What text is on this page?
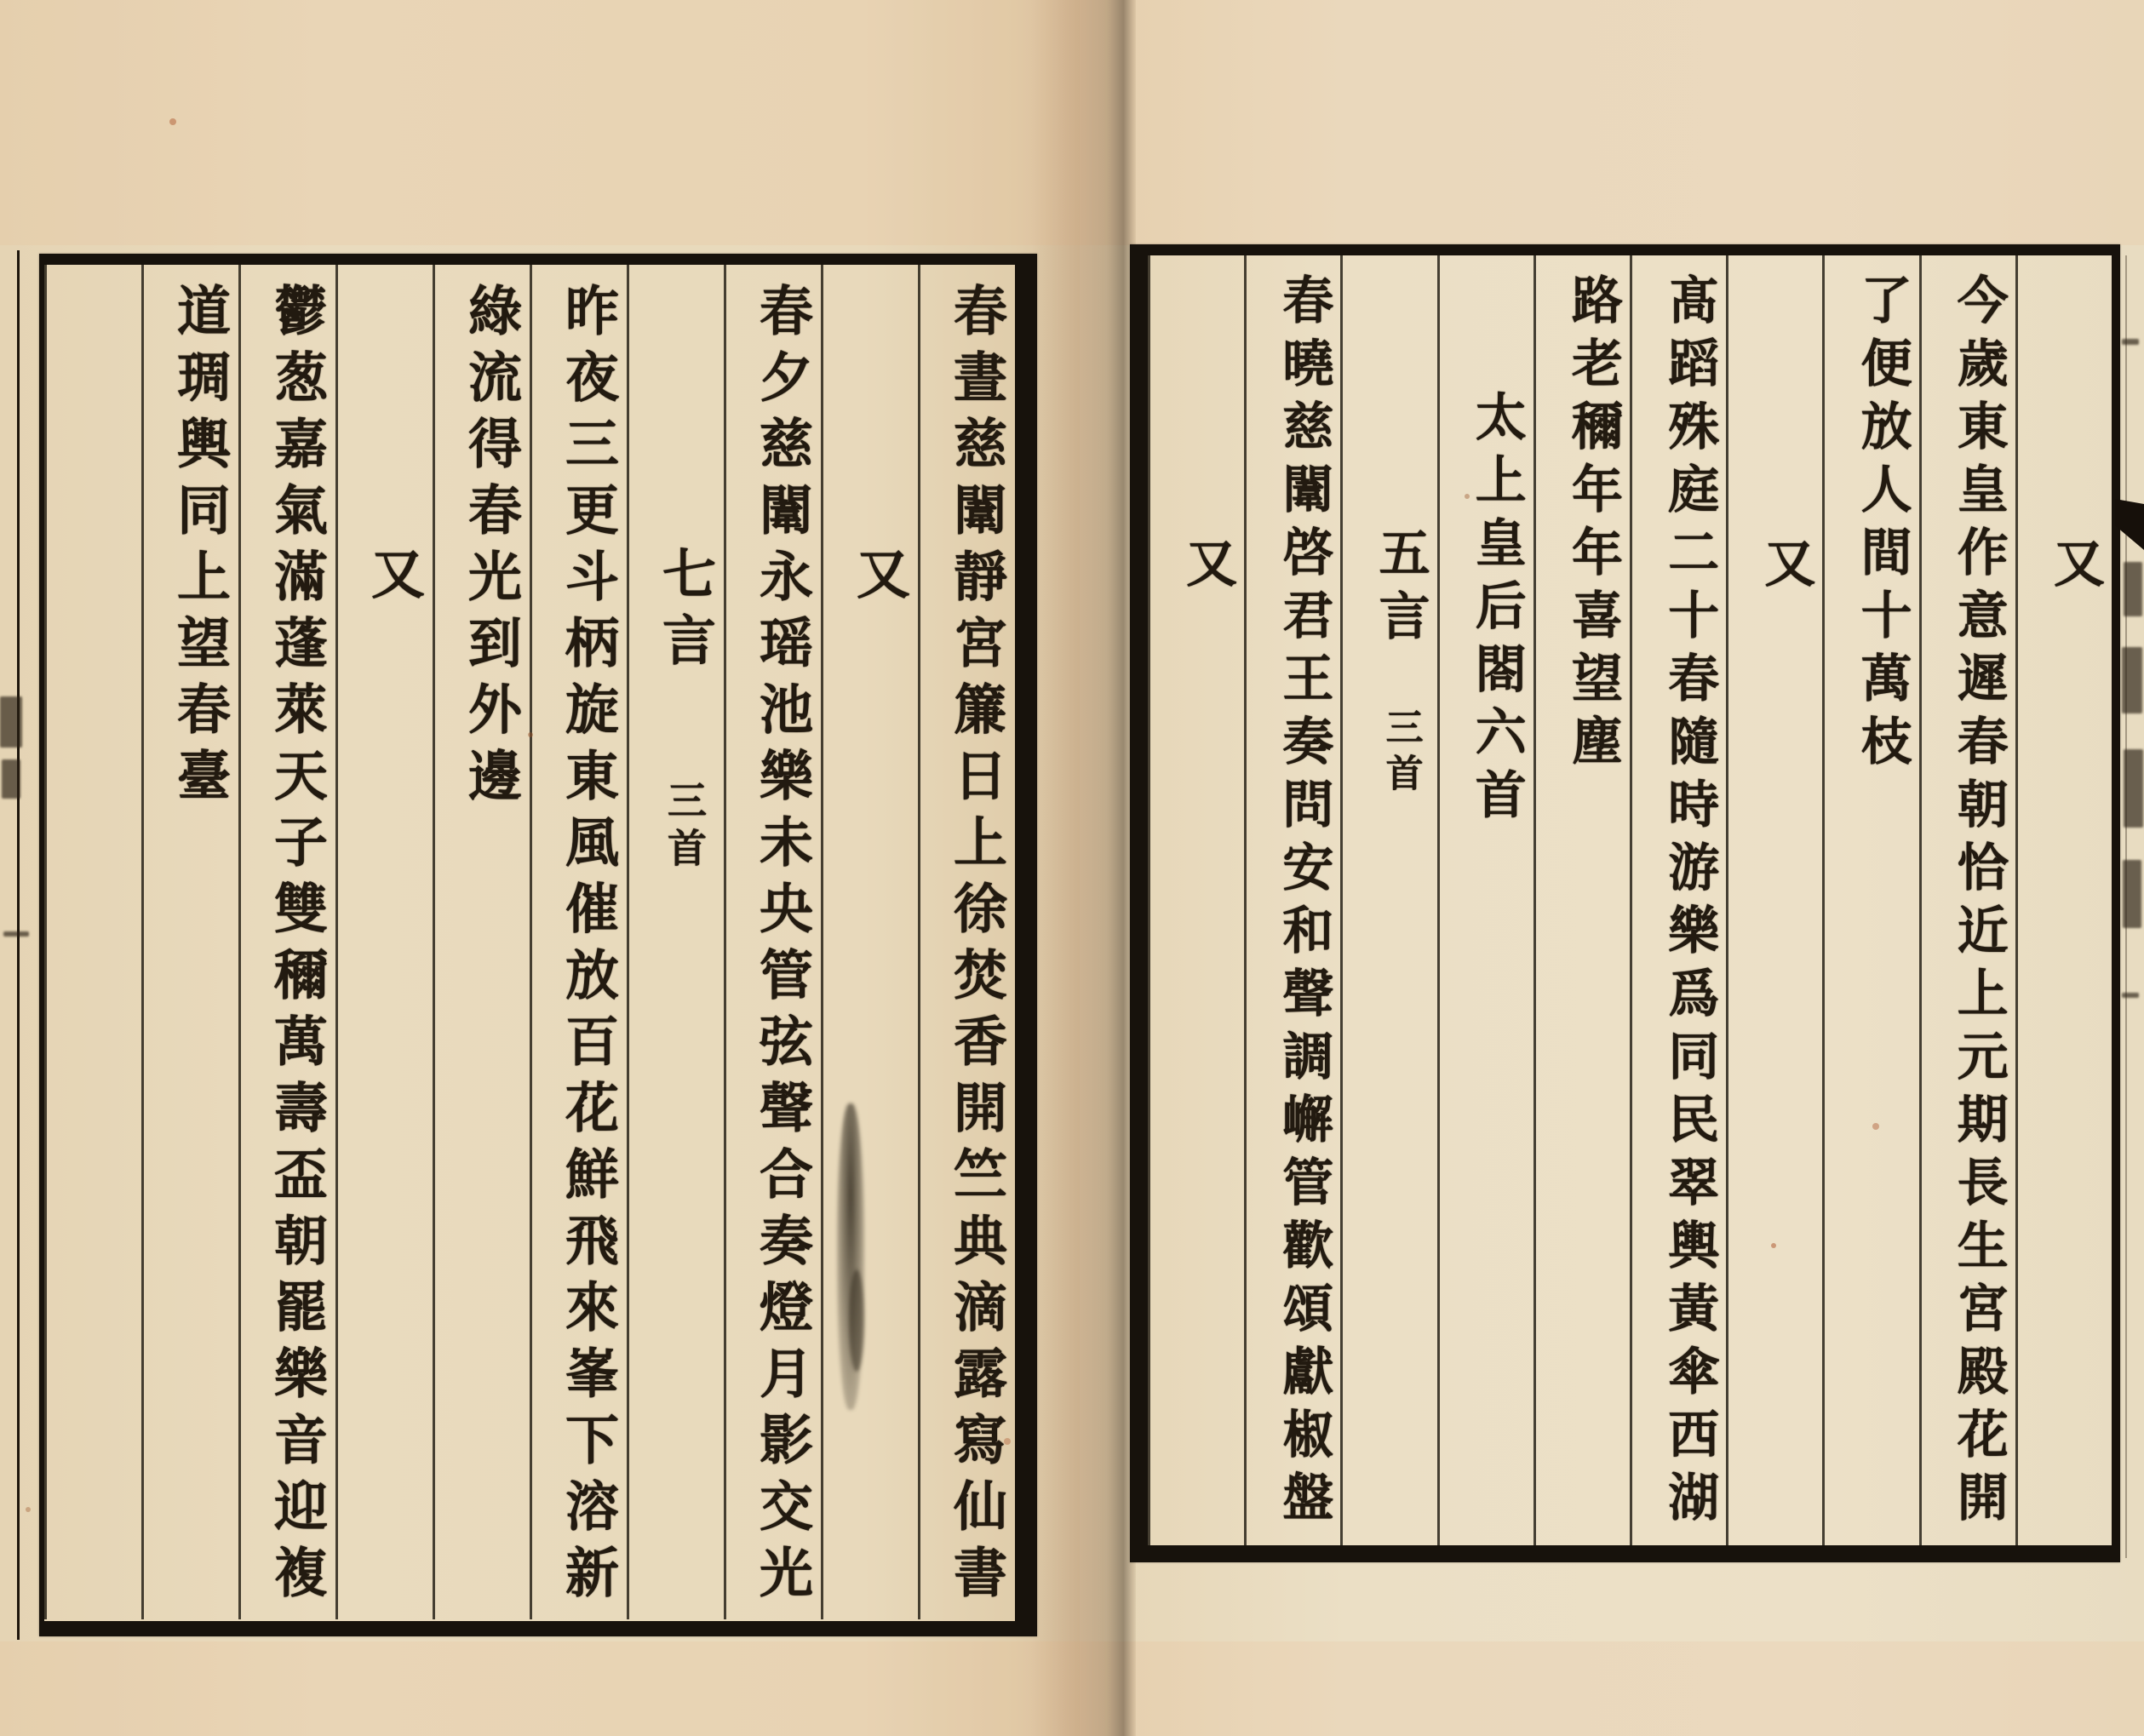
又
今歲東皇作意遲春朝恰近上元期長生宮殿花開
了便放人間十萬枝
又
髙蹈殊庭二十春隨時游樂爲同民翠輿黃傘西湖
路老穪年年喜望塵
太上皇后閤六首
五言 三首
春曉慈闈啓君王奏問安和聲調嶰管歡頌獻椒盤
又
春晝慈闈靜宮簾日上徐焚香開竺典滴露寫仙書
又
春夕慈闈永瑶池樂未央管弦聲合奏燈月影交光
七言 三首
昨夜三更斗柄旋東風催放百花鮮飛來峯下溶新
綠流得春光到外邊
又
鬱葱嘉氣滿蓬萊天子雙穪萬壽盃朝罷樂音迎複
道琱輿同上望春臺
